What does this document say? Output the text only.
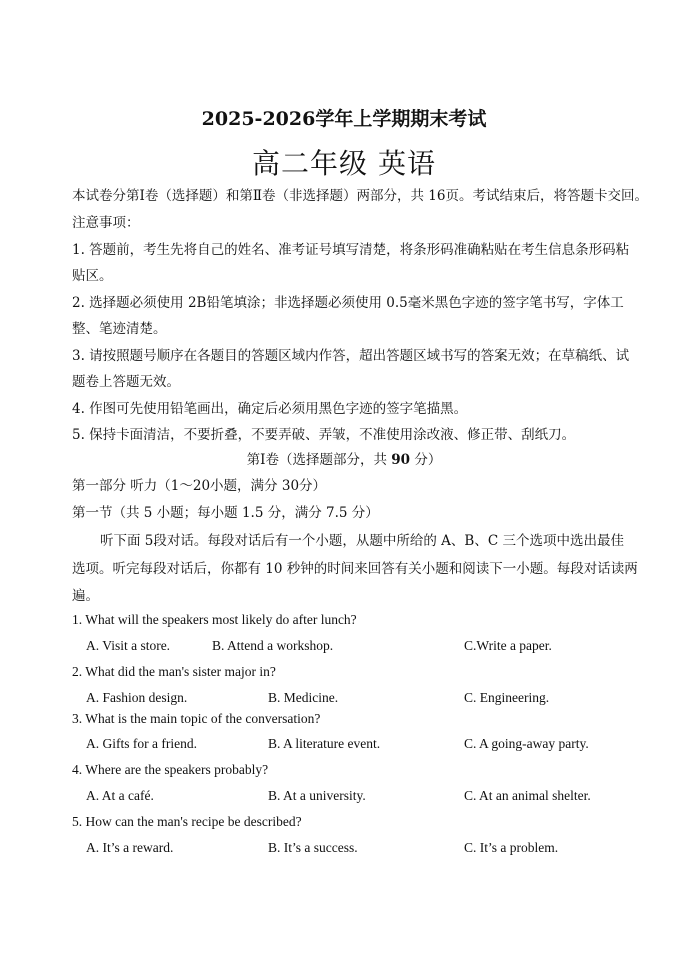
2025-2026学年上学期期末考试
高二年级 英语
本试卷分第Ⅰ卷（选择题）和第Ⅱ卷（非选择题）两部分，共 16页。考试结束后，将答题卡交回。
注意事项：
1. 答题前，考生先将自己的姓名、准考证号填写清楚，将条形码准确粘贴在考生信息条形码粘
贴区。
2. 选择题必须使用 2B铅笔填涂；非选择题必须使用 0.5毫米黑色字迹的签字笔书写，字体工
整、笔迹清楚。
3. 请按照题号顺序在各题目的答题区域内作答，超出答题区域书写的答案无效；在草稿纸、试
题卷上答题无效。
4. 作图可先使用铅笔画出，确定后必须用黑色字迹的签字笔描黑。
5. 保持卡面清洁，不要折叠，不要弄破、弄皱，不准使用涂改液、修正带、刮纸刀。
第Ⅰ卷（选择题部分，共 90 分）
第一部分 听力（1～20小题，满分 30分）
第一节（共 5 小题；每小题 1.5 分，满分 7.5 分）
听下面 5段对话。每段对话后有一个小题，从题中所给的 A、B、C 三个选项中选出最佳
选项。听完每段对话后，你都有 10 秒钟的时间来回答有关小题和阅读下一小题。每段对话读两
遍。
1. What will the speakers most likely do after lunch?
A. Visit a store.	B. Attend a workshop.	C.Write a paper.
2. What did the man's sister major in?
A. Fashion design.	B. Medicine.	C. Engineering.
3. What is the main topic of the conversation?
A. Gifts for a friend.	B. A literature event.	C. A going-away party.
4. Where are the speakers probably?
A. At a café.	B. At a university.	C. At an animal shelter.
5. How can the man's recipe be described?
A. It’s a reward.	B. It’s a success.	C. It’s a problem.
